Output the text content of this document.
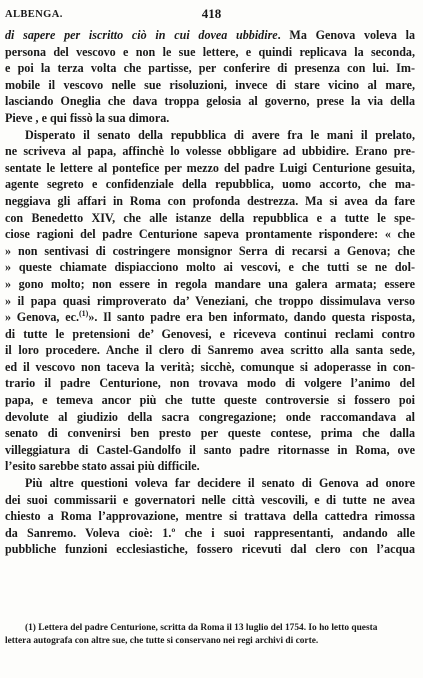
ALBENGA.	418
di sapere per iscritto ciò in cui dovea ubbidire. Ma Genova voleva la
persona del vescovo e non le sue lettere, e quindi replicava la seconda,
e poi la terza volta che partisse, per conferire di presenza con lui. Im-
mobile il vescovo nelle sue risoluzioni, invece di stare vicino al mare,
lasciando Oneglia che dava troppa gelosia al governo, prese la via della
Pieve , e qui fissò la sua dimora.
Disperato il senato della repubblica di avere fra le mani il prelato,
ne scriveva al papa, affinchè lo volesse obbligare ad ubbidire. Erano pre-
sentate le lettere al pontefice per mezzo del padre Luigi Centurione gesuita,
agente segreto e confidenziale della repubblica, uomo accorto, che ma-
neggiava gli affari in Roma con profonda destrezza. Ma si avea da fare
con Benedetto XIV, che alle istanze della repubblica e a tutte le spe-
ciose ragioni del padre Centurione sapeva prontamente rispondere: « che
» non sentivasi di costringere monsignor Serra di recarsi a Genova; che
» queste chiamate dispiacciono molto ai vescovi, e che tutti se ne dol-
» gono molto; non essere in regola mandare una galera armata; essere
» il papa quasi rimproverato da’ Veneziani, che troppo dissimulava verso
» Genova, ec.$^{(1)}$». Il santo padre era ben informato, dando questa risposta,
di tutte le pretensioni de’ Genovesi, e riceveva continui reclami contro
il loro procedere. Anche il clero di Sanremo avea scritto alla santa sede,
ed il vescovo non taceva la verità; sicchè, comunque si adoperasse in con-
trario il padre Centurione, non trovava modo di volgere l’animo del
papa, e temeva ancor più che tutte queste controversie si fossero poi
devolute al giudizio della sacra congregazione; onde raccomandava al
senato di convenirsi ben presto per queste contese, prima che dalla
villeggiatura di Castel-Gandolfo il santo padre ritornasse in Roma, ove
l’esito sarebbe stato assai più difficile.
Più altre questioni voleva far decidere il senato di Genova ad onore
dei suoi commissarii e governatori nelle città vescovili, e di tutte ne avea
chiesto a Roma l’approvazione, mentre si trattava della cattedra rimossa
da Sanremo. Voleva cioè: 1.º che i suoi rappresentanti, andando alle
pubbliche funzioni ecclesiastiche, fossero ricevuti dal clero con l’acqua
(1) Lettera del padre Centurione, scritta da Roma il 13 luglio del 1754. Io ho letto questa
lettera autografa con altre sue, che tutte si conservano nei regi archivi di corte.
